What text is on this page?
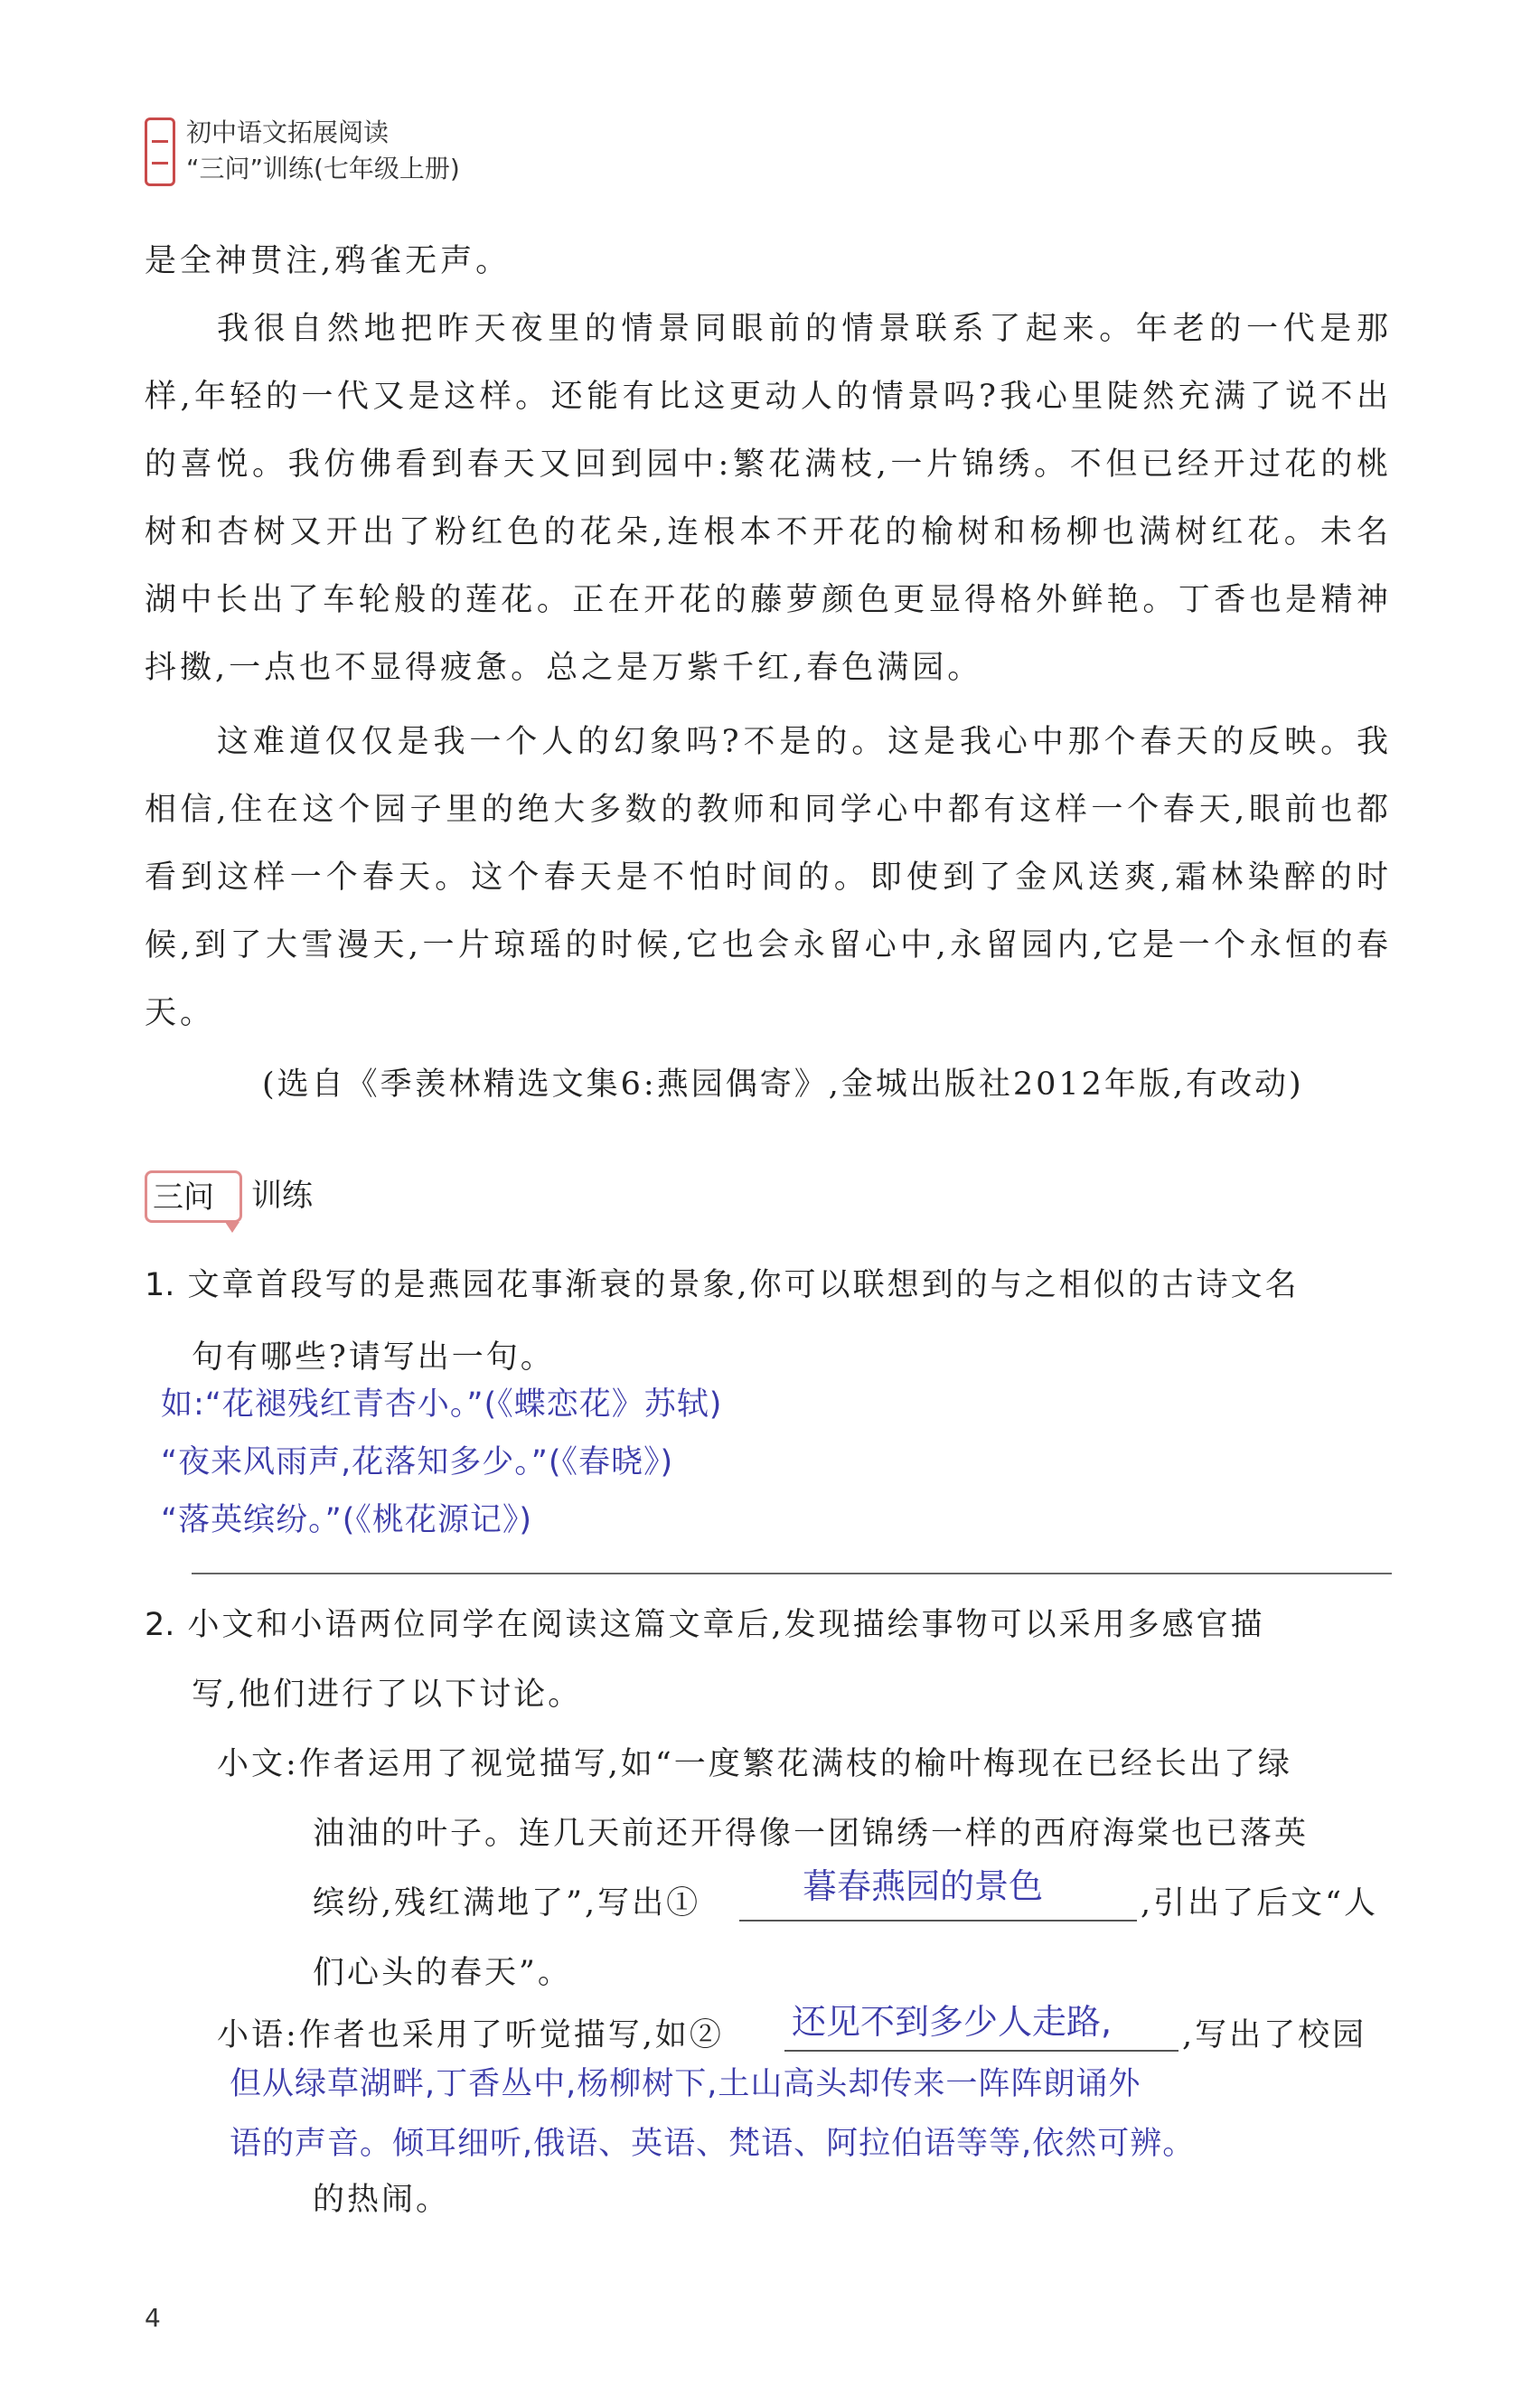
初中语文拓展阅读
“三问”训练(七年级上册)
是全神贯注,鸦雀无声。
我很自然地把昨天夜里的情景同眼前的情景联系了起来。年老的一代是那样,年轻的一代又是这样。还能有比这更动人的情景吗?我心里陡然充满了说不出的喜悦。我仿佛看到春天又回到园中:繁花满枝,一片锦绣。不但已经开过花的桃树和杏树又开出了粉红色的花朵,连根本不开花的榆树和杨柳也满树红花。未名湖中长出了车轮般的莲花。正在开花的藤萝颜色更显得格外鲜艳。丁香也是精神抖擞,一点也不显得疲惫。总之是万紫千红,春色满园。
这难道仅仅是我一个人的幻象吗?不是的。这是我心中那个春天的反映。我相信,住在这个园子里的绝大多数的教师和同学心中都有这样一个春天,眼前也都看到这样一个春天。这个春天是不怕时间的。即使到了金风送爽,霜林染醉的时候,到了大雪漫天,一片琼瑶的时候,它也会永留心中,永留园内,它是一个永恒的春天。
(选自《季羡林精选文集6:燕园偶寄》,金城出版社2012年版,有改动)
三问 训练
1. 文章首段写的是燕园花事渐衰的景象,你可以联想到的与之相似的古诗文名
句有哪些?请写出一句。
如:“花褪残红青杏小。”(《蝶恋花》苏轼)
“夜来风雨声,花落知多少。”(《春晓》)
“落英缤纷。”(《桃花源记》)
2. 小文和小语两位同学在阅读这篇文章后,发现描绘事物可以采用多感官描
写,他们进行了以下讨论。
小文:作者运用了视觉描写,如“一度繁花满枝的榆叶梅现在已经长出了绿
油油的叶子。连几天前还开得像一团锦绣一样的西府海棠也已落英
缤纷,残红满地了”,写出①	暮春燕园的景色	,引出了后文“人
们心头的春天”。
小语:作者也采用了听觉描写,如② 还见不到多少人走路, ,写出了校园
但从绿草湖畔,丁香丛中,杨柳树下,土山高头却传来一阵阵朗诵外
语的声音。倾耳细听,俄语、英语、梵语、阿拉伯语等等,依然可辨。
的热闹。
4
